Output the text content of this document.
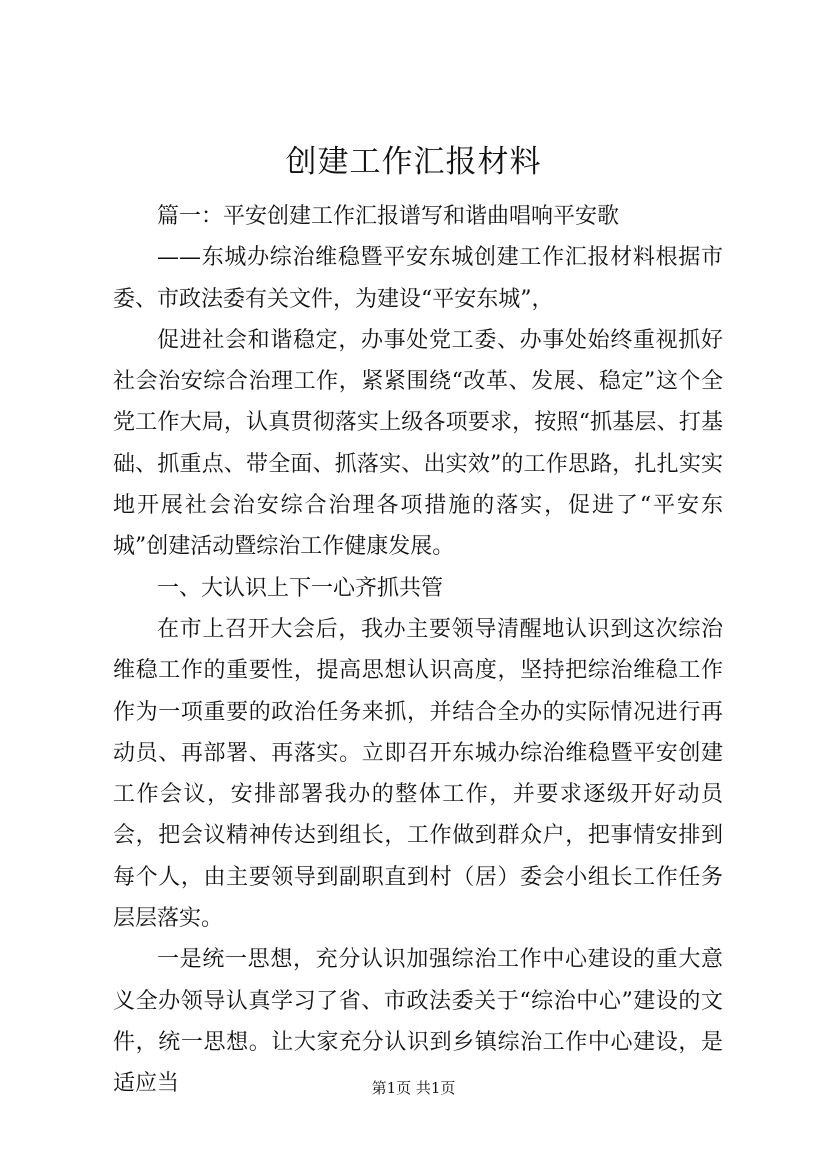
创建工作汇报材料

篇一：平安创建工作汇报谱写和谐曲唱响平安歌

——东城办综治维稳暨平安东城创建工作汇报材料根据市委、市政法委有关文件，为建设“平安东城”，

促进社会和谐稳定，办事处党工委、办事处始终重视抓好社会治安综合治理工作，紧紧围绕“改革、发展、稳定”这个全党工作大局，认真贯彻落实上级各项要求，按照“抓基层、打基础、抓重点、带全面、抓落实、出实效”的工作思路，扎扎实实地开展社会治安综合治理各项措施的落实，促进了“平安东城”创建活动暨综治工作健康发展。

一、大认识上下一心齐抓共管

在市上召开大会后，我办主要领导清醒地认识到这次综治维稳工作的重要性，提高思想认识高度，坚持把综治维稳工作作为一项重要的政治任务来抓，并结合全办的实际情况进行再动员、再部署、再落实。立即召开东城办综治维稳暨平安创建工作会议，安排部署我办的整体工作，并要求逐级开好动员会，把会议精神传达到组长，工作做到群众户，把事情安排到每个人，由主要领导到副职直到村（居）委会小组长工作任务层层落实。

一是统一思想，充分认识加强综治工作中心建设的重大意义全办领导认真学习了省、市政法委关于“综治中心”建设的文件，统一思想。让大家充分认识到乡镇综治工作中心建设，是适应当	第1页 共1页
